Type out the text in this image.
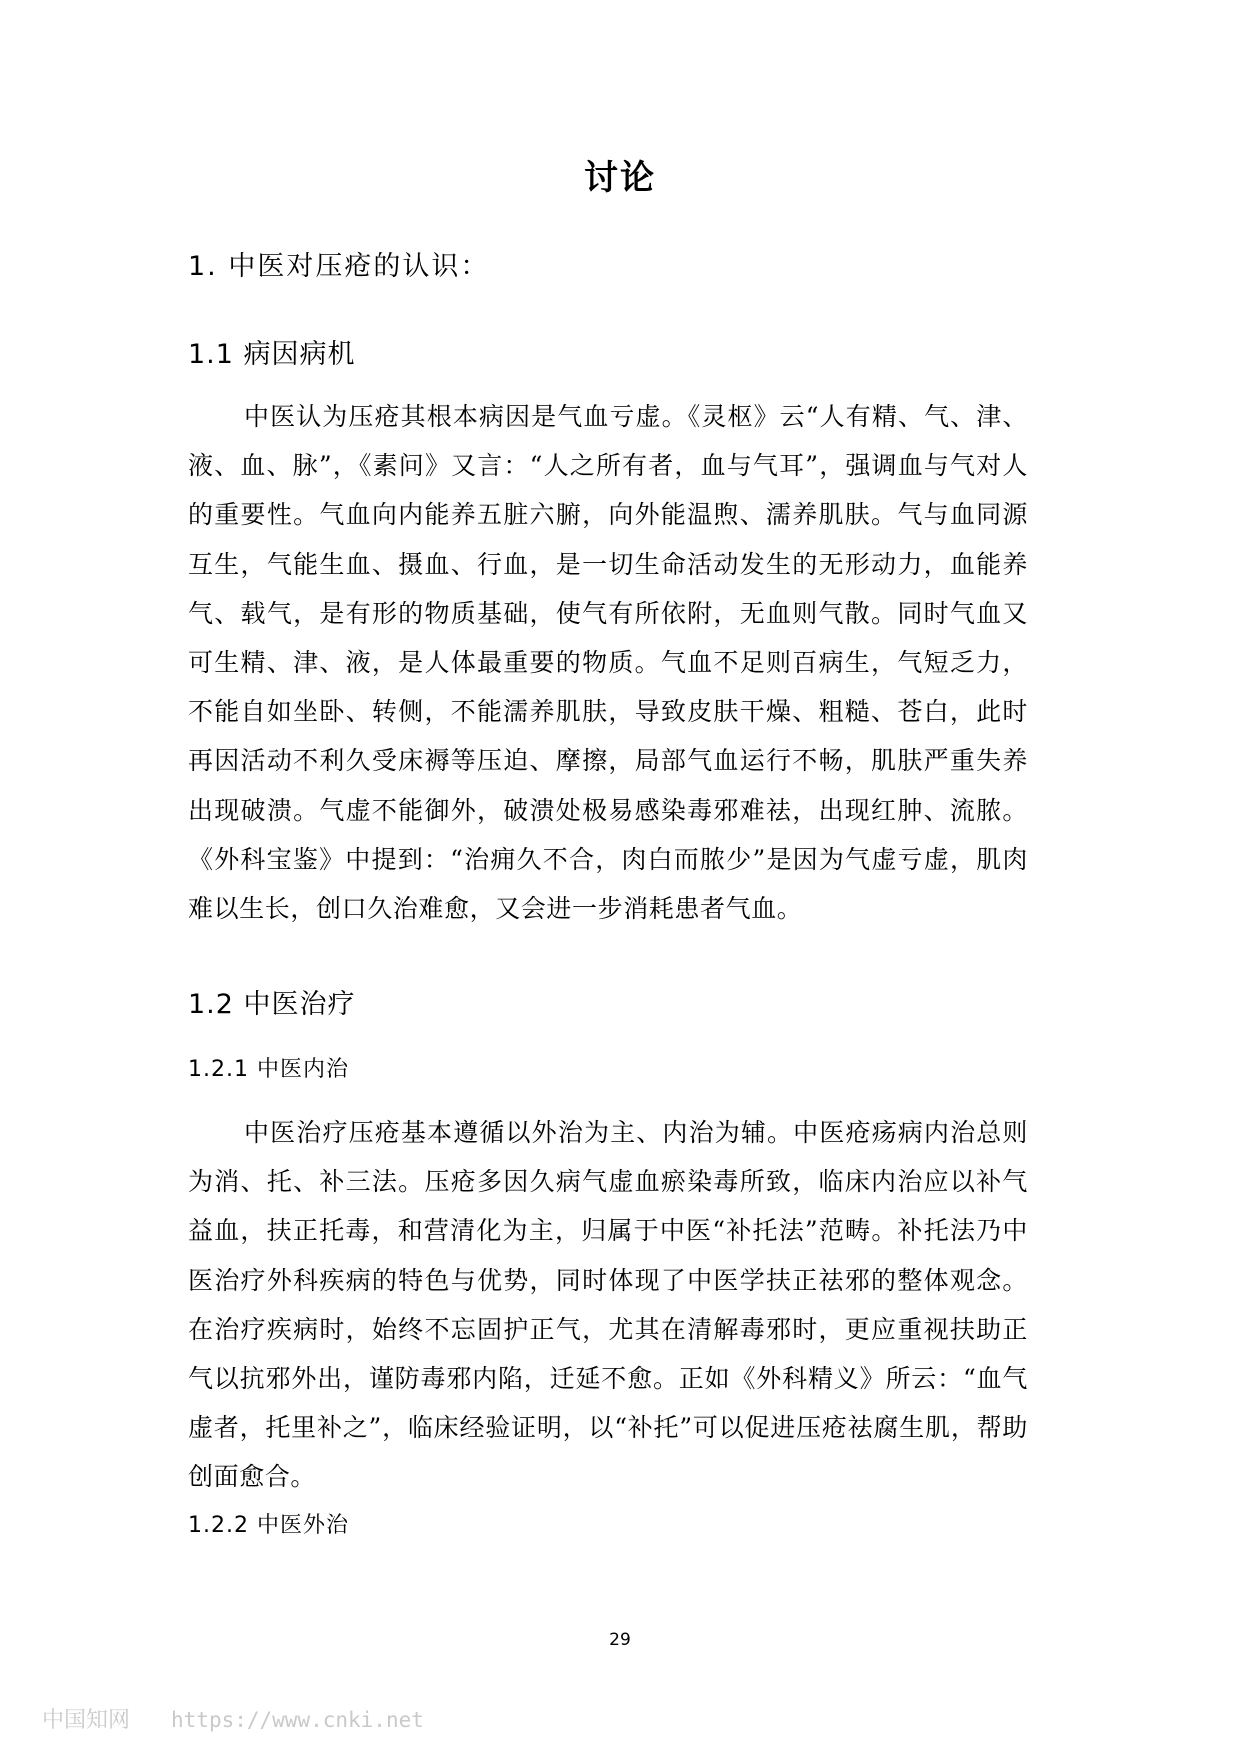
讨论
1. 中医对压疮的认识：
1.1 病因病机

中医认为压疮其根本病因是气血亏虚。《灵枢》云“人有精、气、津、液、血、脉”，《素问》又言：“人之所有者，血与气耳”，强调血与气对人的重要性。气血向内能养五脏六腑，向外能温煦、濡养肌肤。气与血同源互生，气能生血、摄血、行血，是一切生命活动发生的无形动力，血能养气、载气，是有形的物质基础，使气有所依附，无血则气散。同时气血又可生精、津、液，是人体最重要的物质。气血不足则百病生，气短乏力，不能自如坐卧、转侧，不能濡养肌肤，导致皮肤干燥、粗糙、苍白，此时再因活动不利久受床褥等压迫、摩擦，局部气血运行不畅，肌肤严重失养出现破溃。气虚不能御外，破溃处极易感染毒邪难祛，出现红肿、流脓。《外科宝鉴》中提到：“治痈久不合，肉白而脓少”是因为气虚亏虚，肌肉难以生长，创口久治难愈，又会进一步消耗患者气血。

1.2 中医治疗
1.2.1 中医内治

中医治疗压疮基本遵循以外治为主、内治为辅。中医疮疡病内治总则为消、托、补三法。压疮多因久病气虚血瘀染毒所致，临床内治应以补气益血，扶正托毒，和营清化为主，归属于中医“补托法”范畴。补托法乃中医治疗外科疾病的特色与优势，同时体现了中医学扶正祛邪的整体观念。在治疗疾病时，始终不忘固护正气，尤其在清解毒邪时，更应重视扶助正气以抗邪外出，谨防毒邪内陷，迁延不愈。正如《外科精义》所云：“血气虚者，托里补之”，临床经验证明，以“补托”可以促进压疮祛腐生肌，帮助创面愈合。

1.2.2 中医外治
29
中国知网 https://www.cnki.net
